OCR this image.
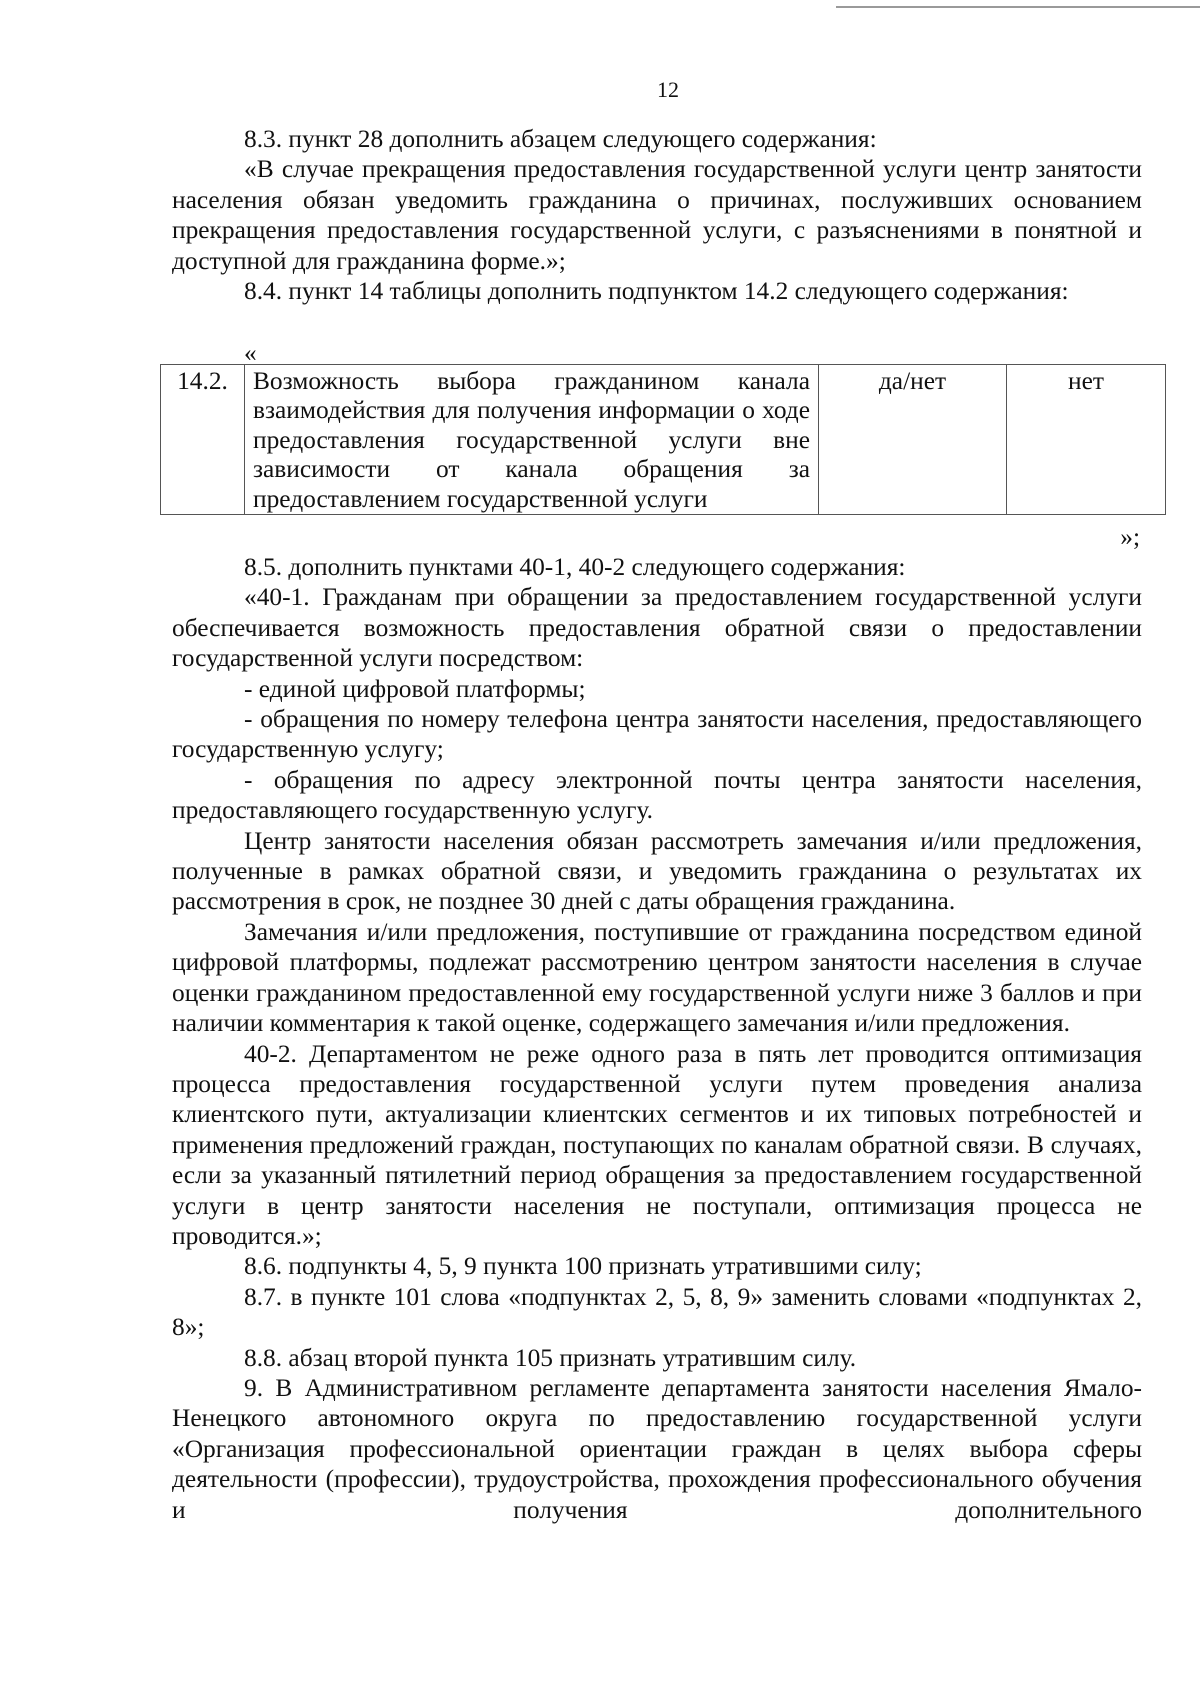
12

8.3. пункт 28 дополнить абзацем следующего содержания:

«В случае прекращения предоставления государственной услуги центр занятости населения обязан уведомить гражданина о причинах, послуживших основанием прекращения предоставления государственной услуги, с разъяснениями в понятной и доступной для гражданина форме.»;

8.4. пункт 14 таблицы дополнить подпунктом 14.2 следующего содержания:

«
14.2.	Возможность выбора гражданином канала взаимодействия для получения информации о ходе предоставления государственной услуги вне зависимости от канала обращения за предоставлением государственной услуги	да/нет	нет
»;

8.5. дополнить пунктами 40-1, 40-2 следующего содержания:

«40-1. Гражданам при обращении за предоставлением государственной услуги обеспечивается возможность предоставления обратной связи о предоставлении государственной услуги посредством:

- единой цифровой платформы;

- обращения по номеру телефона центра занятости населения, предоставляющего государственную услугу;

- обращения по адресу электронной почты центра занятости населения, предоставляющего государственную услугу.

Центр занятости населения обязан рассмотреть замечания и/или предложения, полученные в рамках обратной связи, и уведомить гражданина о результатах их рассмотрения в срок, не позднее 30 дней с даты обращения гражданина.

Замечания и/или предложения, поступившие от гражданина посредством единой цифровой платформы, подлежат рассмотрению центром занятости населения в случае оценки гражданином предоставленной ему государственной услуги ниже 3 баллов и при наличии комментария к такой оценке, содержащего замечания и/или предложения.

40-2. Департаментом не реже одного раза в пять лет проводится оптимизация процесса предоставления государственной услуги путем проведения анализа клиентского пути, актуализации клиентских сегментов и их типовых потребностей и применения предложений граждан, поступающих по каналам обратной связи. В случаях, если за указанный пятилетний период обращения за предоставлением государственной услуги в центр занятости населения не поступали, оптимизация процесса не проводится.»;

8.6. подпункты 4, 5, 9 пункта 100 признать утратившими силу;

8.7. в пункте 101 слова «подпунктах 2, 5, 8, 9» заменить словами «подпунктах 2, 8»;

8.8. абзац второй пункта 105 признать утратившим силу.

9. В Административном регламенте департамента занятости населения Ямало-Ненецкого автономного округа по предоставлению государственной услуги «Организация профессиональной ориентации граждан в целях выбора сферы деятельности (профессии), трудоустройства, прохождения профессионального обучения и получения дополнительного
